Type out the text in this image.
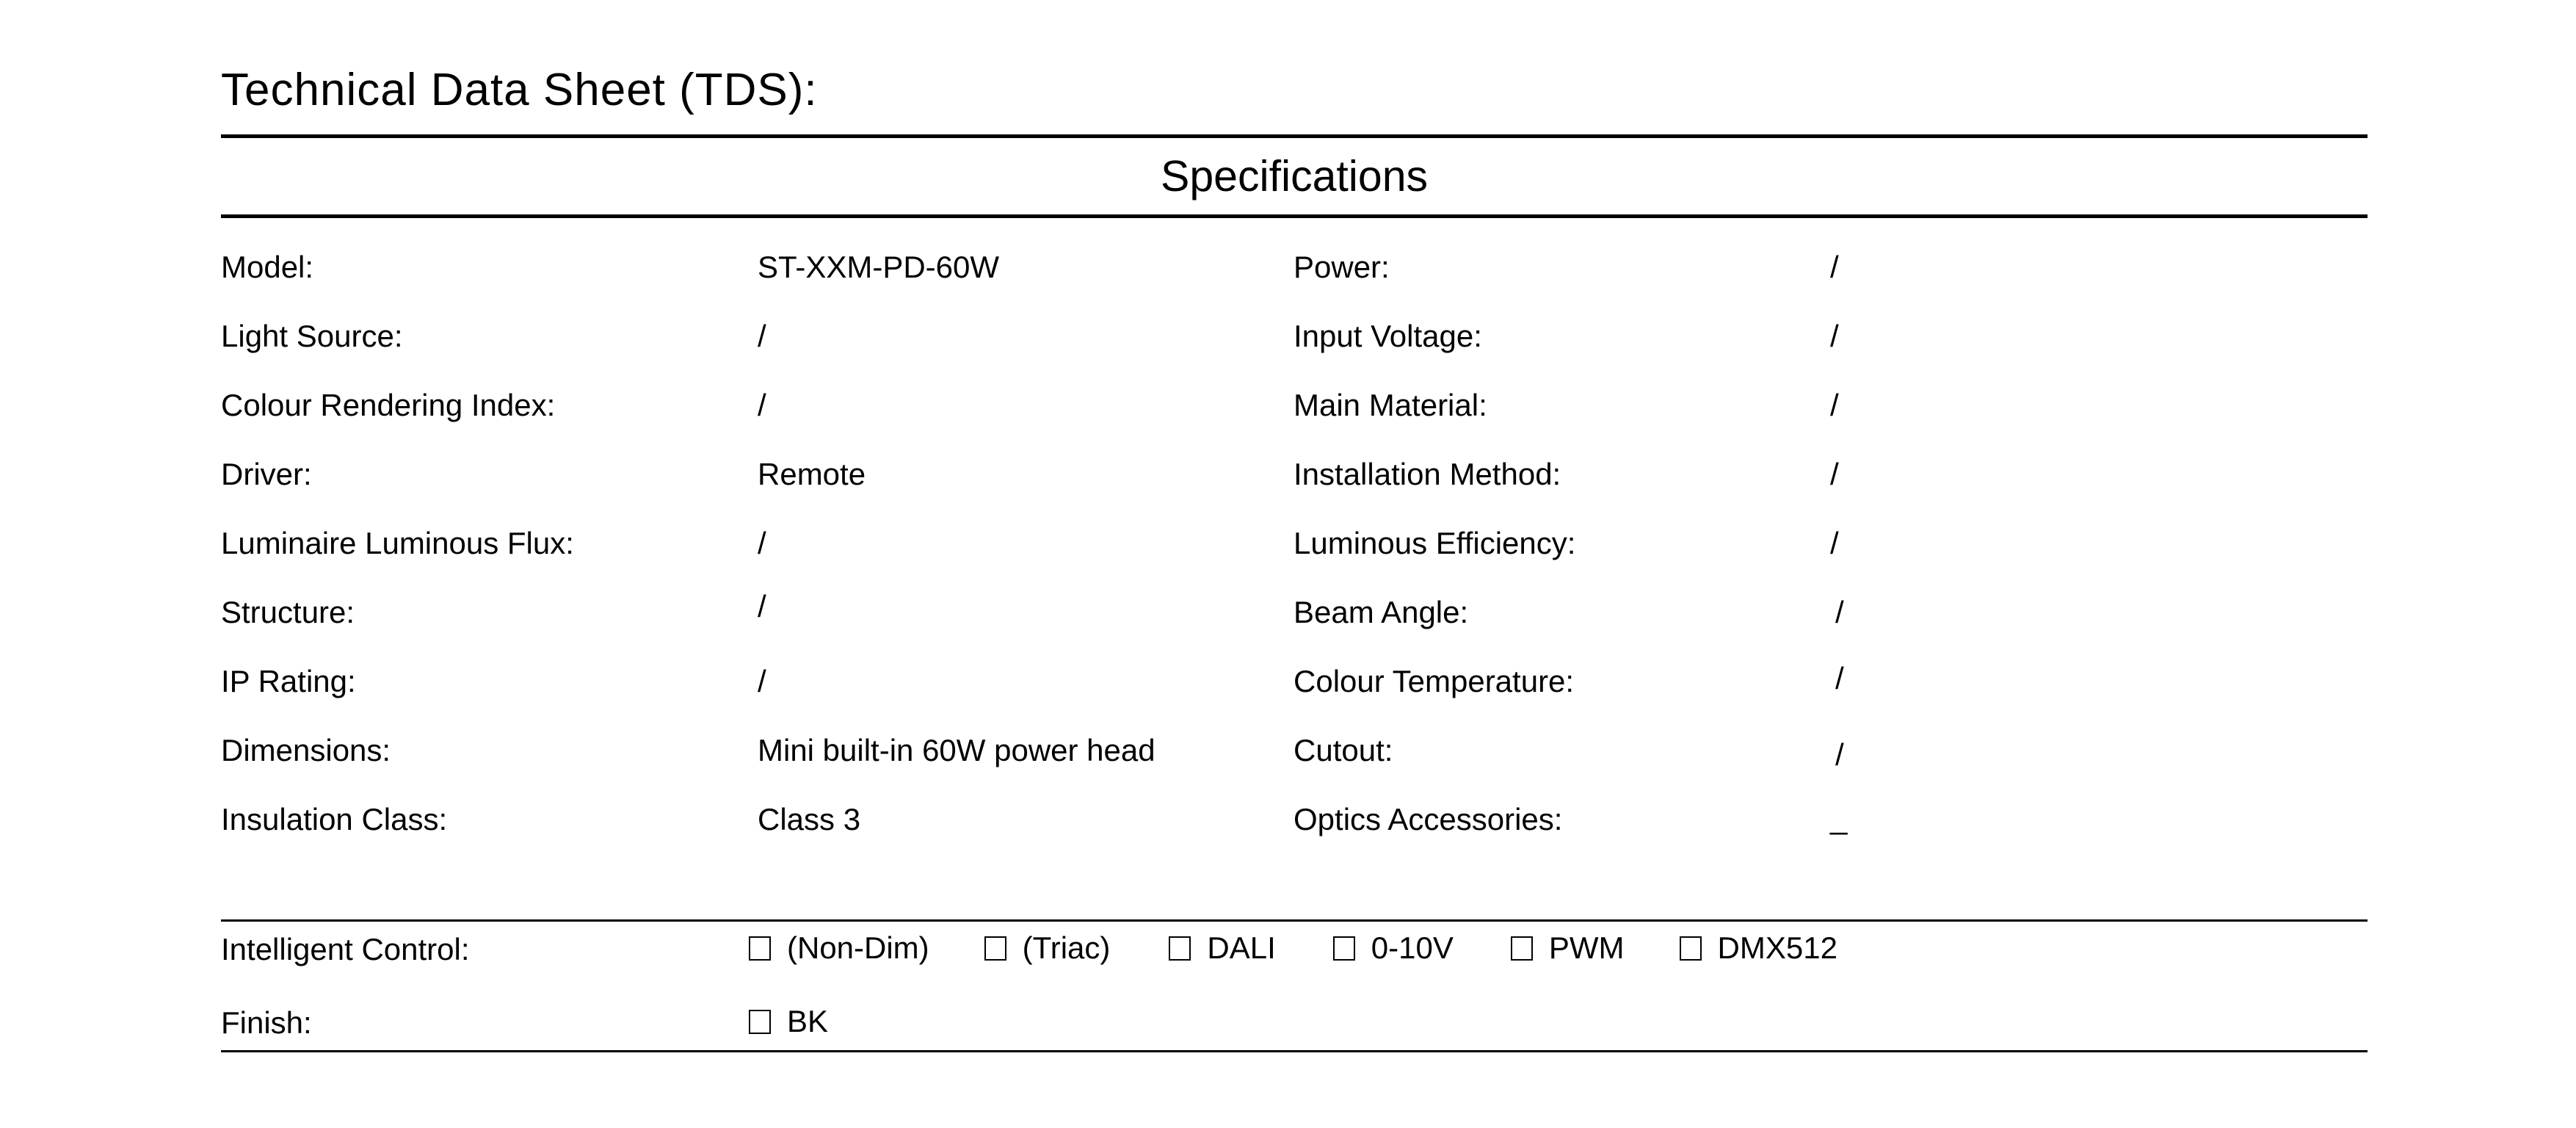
Technical Data Sheet (TDS):
Specifications
Model:	ST-XXM-PD-60W	Power:	/
Light Source:	/	Input Voltage:	/
Colour Rendering Index:	/	Main Material:	/
Driver:	Remote	Installation Method:	/
Luminaire Luminous Flux:	/	Luminous Efficiency:	/
Structure:	/	Beam Angle:	/
IP Rating:	/	Colour Temperature:	/
Dimensions:	Mini built-in 60W power head	Cutout:	/
Insulation Class:	Class 3	Optics Accessories:	_
Intelligent Control:	(Non-Dim)	(Triac)	DALI	0-10V	PWM	DMX512
Finish:	BK
